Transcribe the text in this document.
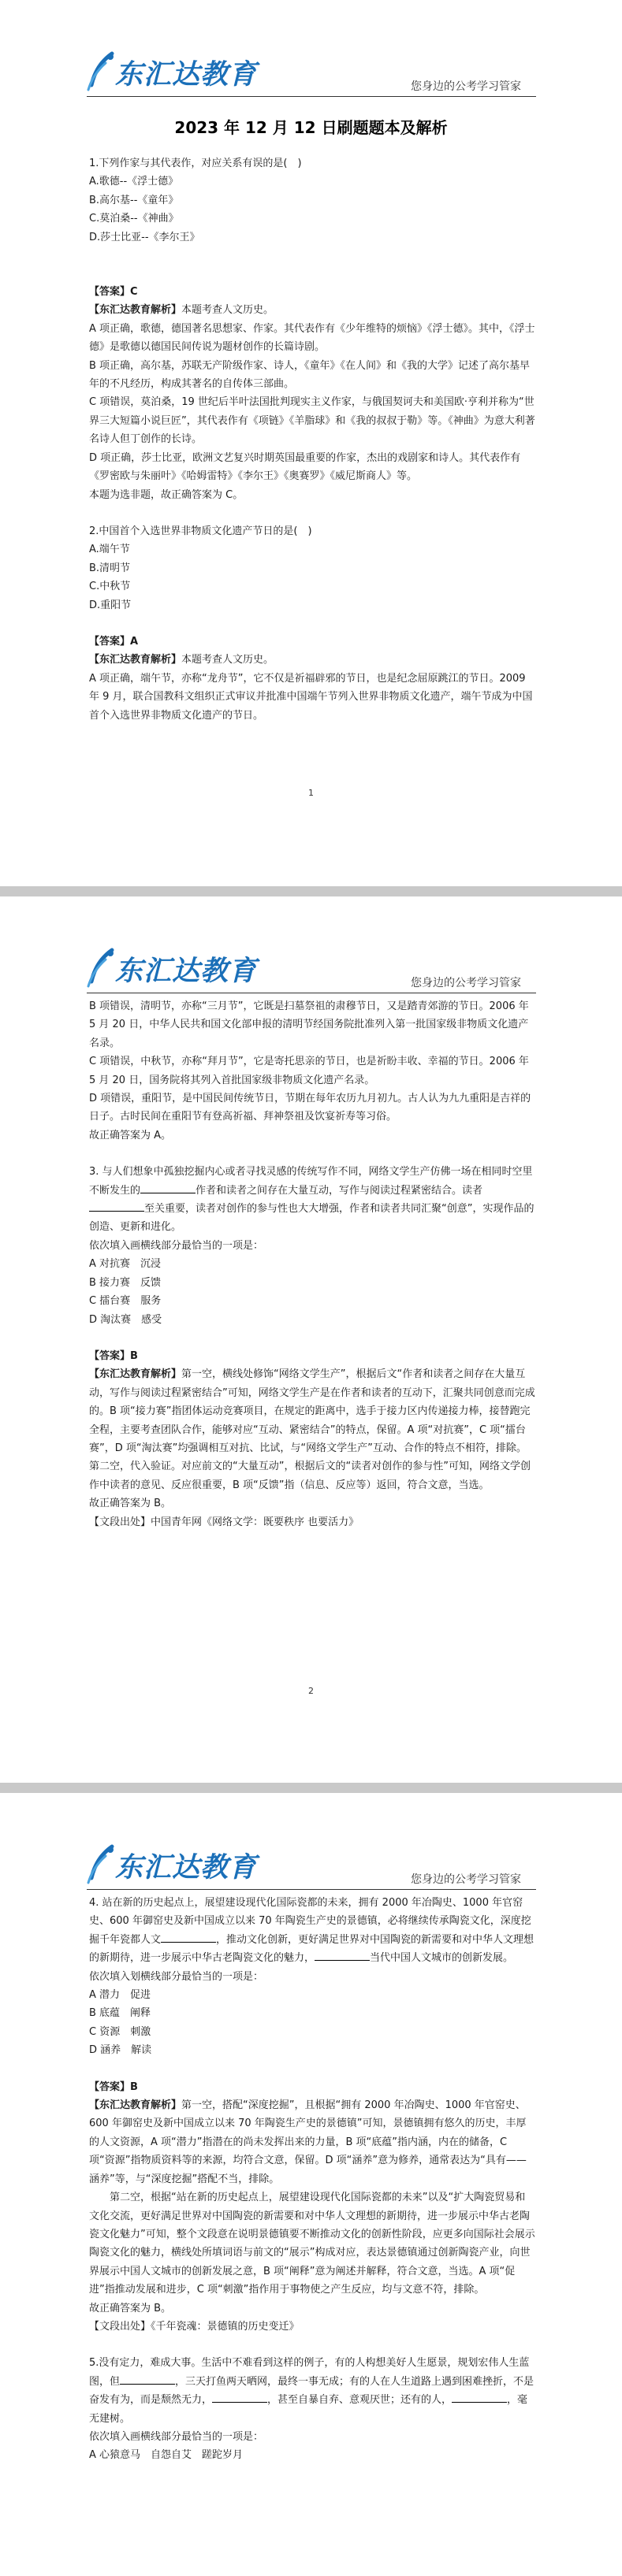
东汇达教育	您身边的公考学习管家
2023 年 12 月 12 日刷题题本及解析

1.下列作家与其代表作，对应关系有误的是(　)

A.歌德--《浮士德》

B.高尔基--《童年》

C.莫泊桑--《神曲》

D.莎士比亚--《李尔王》

【答案】C

【东汇达教育解析】本题考查人文历史。

A 项正确，歌德，德国著名思想家、作家。其代表作有《少年维特的烦恼》《浮士德》。其中，《浮士德》是歌德以德国民间传说为题材创作的长篇诗剧。

B 项正确，高尔基，苏联无产阶级作家、诗人，《童年》《在人间》和《我的大学》记述了高尔基早年的不凡经历，构成其著名的自传体三部曲。

C 项错误，莫泊桑，19 世纪后半叶法国批判现实主义作家，与俄国契诃夫和美国欧·亨利并称为“世界三大短篇小说巨匠”，其代表作有《项链》《羊脂球》和《我的叔叔于勒》等。《神曲》为意大利著名诗人但丁创作的长诗。

D 项正确，莎士比亚，欧洲文艺复兴时期英国最重要的作家，杰出的戏剧家和诗人。其代表作有《罗密欧与朱丽叶》《哈姆雷特》《李尔王》《奥赛罗》《威尼斯商人》等。

本题为选非题，故正确答案为 C。

2.中国首个入选世界非物质文化遗产节日的是(　)

A.端午节

B.清明节

C.中秋节

D.重阳节

【答案】A

【东汇达教育解析】本题考查人文历史。

A 项正确，端午节，亦称“龙舟节”，它不仅是祈福辟邪的节日，也是纪念屈原跳江的节日。2009 年 9 月，联合国教科文组织正式审议并批准中国端午节列入世界非物质文化遗产，端午节成为中国首个入选世界非物质文化遗产的节日。

1
东汇达教育	您身边的公考学习管家

B 项错误，清明节，亦称“三月节”，它既是扫墓祭祖的肃穆节日，又是踏青郊游的节日。2006 年 5 月 20 日，中华人民共和国文化部申报的清明节经国务院批准列入第一批国家级非物质文化遗产名录。

C 项错误，中秋节，亦称“拜月节”，它是寄托思亲的节日，也是祈盼丰收、幸福的节日。2006 年 5 月 20 日，国务院将其列入首批国家级非物质文化遗产名录。

D 项错误，重阳节，是中国民间传统节日，节期在每年农历九月初九。古人认为九九重阳是吉祥的日子。古时民间在重阳节有登高祈福、拜神祭祖及饮宴祈寿等习俗。

故正确答案为 A。

3. 与人们想象中孤独挖掘内心或者寻找灵感的传统写作不同，网络文学生产仿佛一场在相同时空里不断发生的	作者和读者之间存在大量互动，写作与阅读过程紧密结合。读者至关重要，读者对创作的参与性也大大增强，作者和读者共同汇聚“创意”，实现作品的创造、更新和进化。

依次填入画横线部分最恰当的一项是：

A 对抗赛　沉浸

B 接力赛　反馈

C 擂台赛　服务

D 淘汰赛　感受

【答案】B

【东汇达教育解析】第一空，横线处修饰“网络文学生产”，根据后文“作者和读者之间存在大量互动，写作与阅读过程紧密结合”可知，网络文学生产是在作者和读者的互动下，汇聚共同创意而完成的。B 项“接力赛”指团体运动竞赛项目，在规定的距离中，选手于接力区内传递接力棒，接替跑完全程，主要考查团队合作，能够对应“互动、紧密结合”的特点，保留。A 项“对抗赛”，C 项“擂台赛”，D 项“淘汰赛”均强调相互对抗、比试，与“网络文学生产”互动、合作的特点不相符，排除。

第二空，代入验证。对应前文的“大量互动”，根据后文的“读者对创作的参与性”可知，网络文学创作中读者的意见、反应很重要，B 项“反馈”指（信息、反应等）返回，符合文意，当选。

故正确答案为 B。

【文段出处】中国青年网《网络文学：既要秩序 也要活力》

2
东汇达教育	您身边的公考学习管家

4. 站在新的历史起点上，展望建设现代化国际瓷都的未来，拥有 2000 年冶陶史、1000 年官窑史、600 年御窑史及新中国成立以来 70 年陶瓷生产史的景德镇，必将继续传承陶瓷文化，深度挖掘千年瓷都人文	，推动文化创新，更好满足世界对中国陶瓷的新需要和对中华人文理想的新期待，进一步展示中华古老陶瓷文化的魅力，	当代中国人文城市的创新发展。

依次填入划横线部分最恰当的一项是：

A 潜力　促进

B 底蕴　阐释

C 资源　刺激

D 涵养　解读

【答案】B

【东汇达教育解析】第一空，搭配“深度挖掘”，且根据“拥有 2000 年冶陶史、1000 年官窑史、600 年御窑史及新中国成立以来 70 年陶瓷生产史的景德镇”可知，景德镇拥有悠久的历史，丰厚的人文资源，A 项“潜力”指潜在的尚未发挥出来的力量，B 项“底蕴”指内涵，内在的储备，C 项“资源”指物质资料等的来源，均符合文意，保留。D 项“涵养”意为修养，通常表达为“具有——涵养”等，与“深度挖掘”搭配不当，排除。

第二空，根据“站在新的历史起点上，展望建设现代化国际瓷都的未来”以及“扩大陶瓷贸易和文化交流，更好满足世界对中国陶瓷的新需要和对中华人文理想的新期待，进一步展示中华古老陶瓷文化魅力”可知，整个文段意在说明景德镇要不断推动文化的创新性阶段，应更多向国际社会展示陶瓷文化的魅力，横线处所填词语与前文的“展示”构成对应，表达景德镇通过创新陶瓷产业，向世界展示中国人文城市的创新发展之意，B 项“阐释”意为阐述并解释，符合文意，当选。A 项“促进”指推动发展和进步，C 项“刺激”指作用于事物使之产生反应，均与文意不符，排除。

故正确答案为 B。

【文段出处】《千年瓷魂：景德镇的历史变迁》

5.没有定力，难成大事。生活中不难看到这样的例子，有的人构想美好人生愿景，规划宏伟人生蓝图，但	，三天打鱼两天晒网，最终一事无成；有的人在人生道路上遇到困难挫折，不是奋发有为，而是颓然无力，	，甚至自暴自弃、意观厌世；还有的人，	，毫无建树。

依次填入画横线部分最恰当的一项是：

A 心猿意马　自怨自艾　蹉跎岁月
